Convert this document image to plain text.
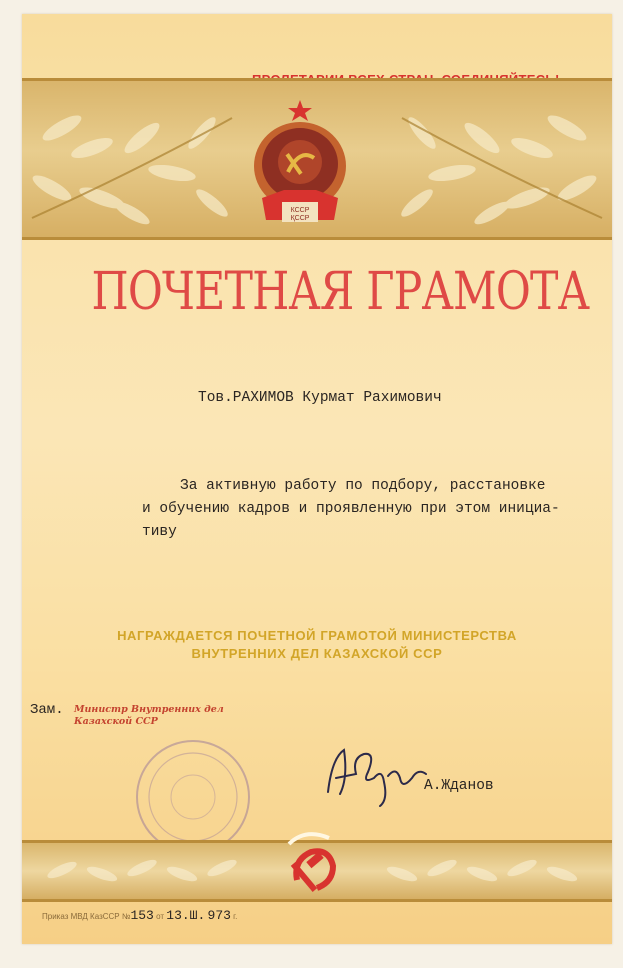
КССР
ҚССР
ПОЧЕТНАЯ ГРАМОТА
Тов.РАХИМОВ Курмат Рахимович
За активную работу по подбору, расстановке
и обучению кадров и проявленную при этом инициа-
тиву
НАГРАЖДАЕТСЯ ПОЧЕТНОЙ ГРАМОТОЙ МИНИСТЕРСТВА
ВНУТРЕННИХ ДЕЛ КАЗАХСКОЙ ССР
Зам. Министр Внутренних дел
Казахской ССР
А.Жданов
Приказ МВД КазССР №153 от 13.Ш. 973 г.
